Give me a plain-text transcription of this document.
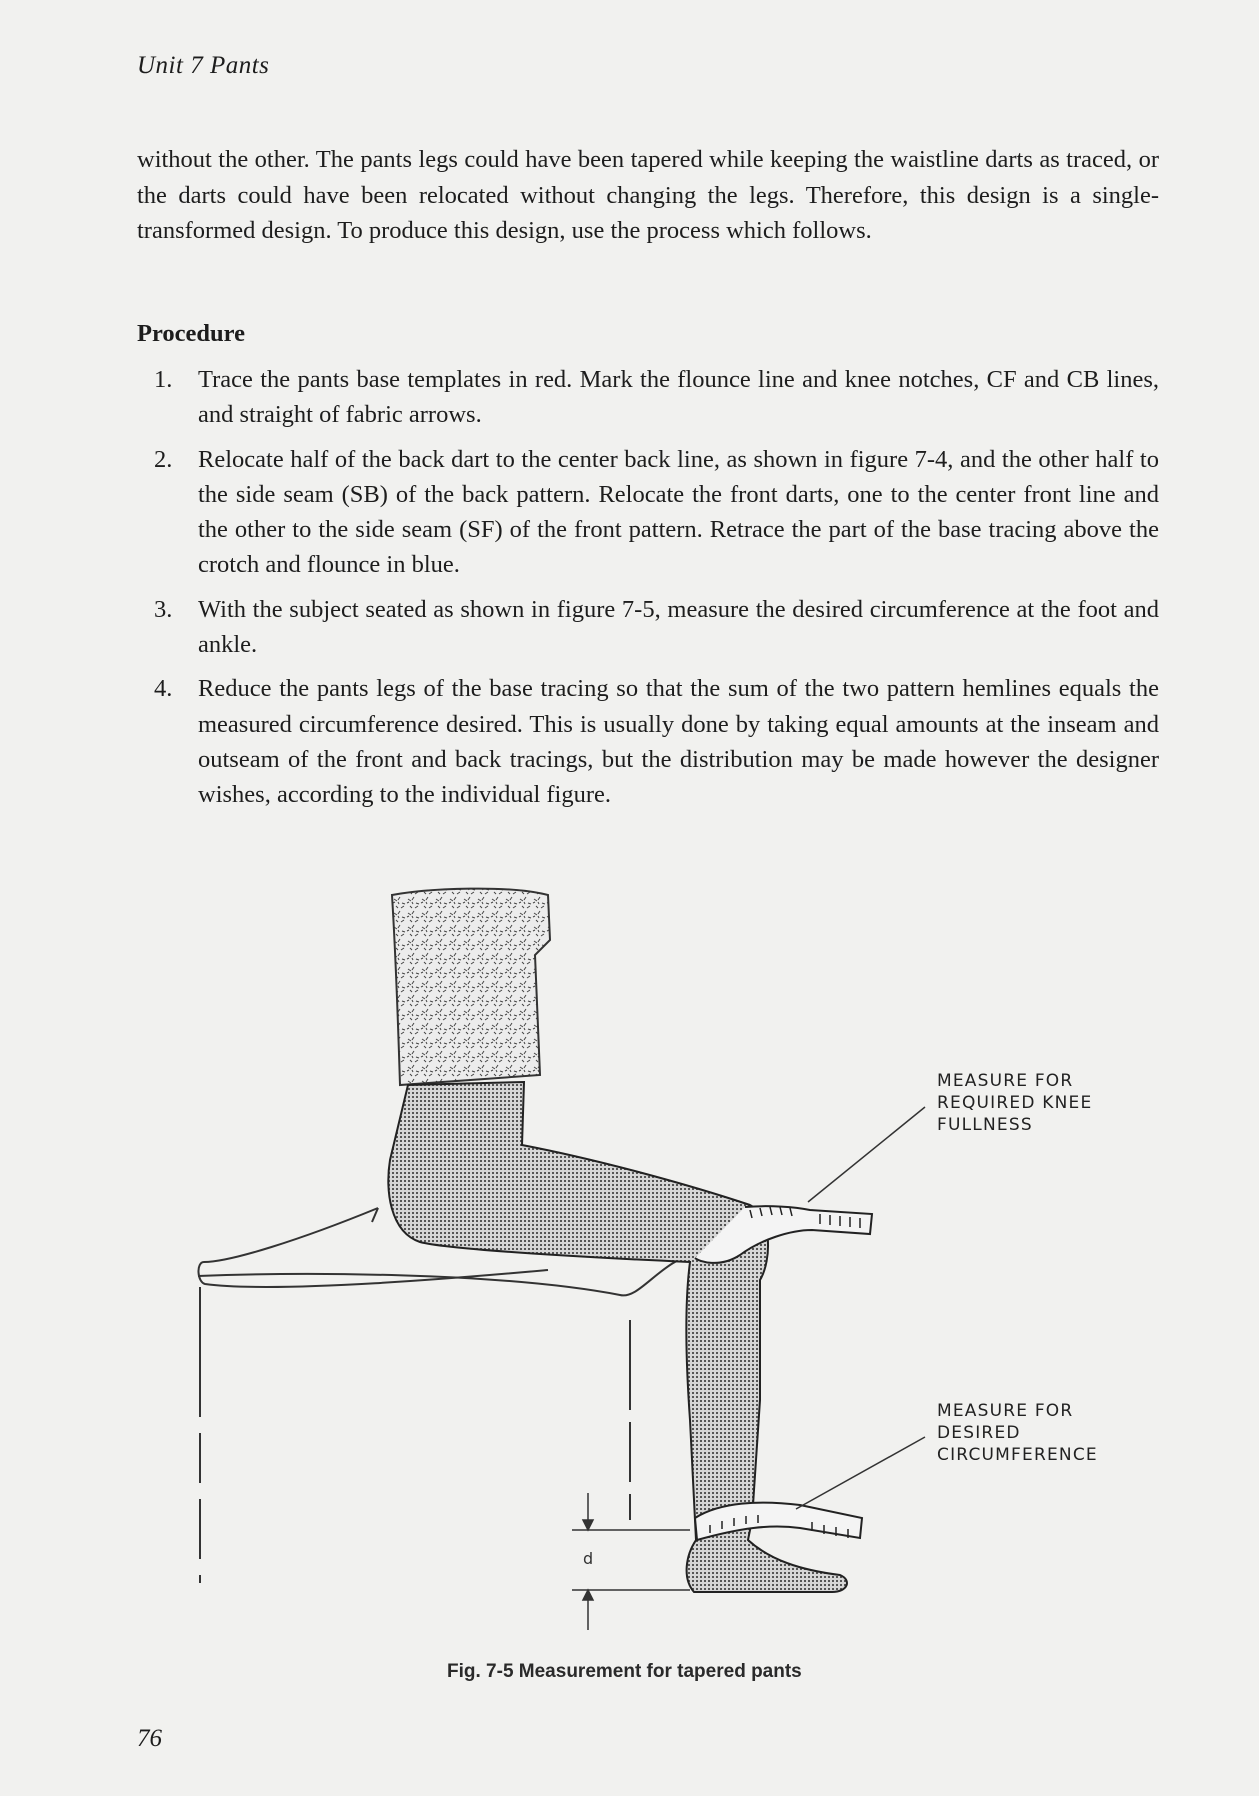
Unit 7 Pants

without the other. The pants legs could have been tapered while keeping the waistline darts as traced, or the darts could have been relocated without changing the legs. Therefore, this design is a single-transformed design. To produce this design, use the process which follows.

Procedure
1. Trace the pants base templates in red. Mark the flounce line and knee notches, CF and CB lines, and straight of fabric arrows.
2. Relocate half of the back dart to the center back line, as shown in figure 7-4, and the other half to the side seam (SB) of the back pattern. Relocate the front darts, one to the center front line and the other to the side seam (SF) of the front pattern. Retrace the part of the base tracing above the crotch and flounce in blue.
3. With the subject seated as shown in figure 7-5, measure the desired circumference at the foot and ankle.
4. Reduce the pants legs of the base tracing so that the sum of the two pattern hemlines equals the measured circumference desired. This is usually done by taking equal amounts at the inseam and outseam of the front and back tracings, but the distribution may be made however the designer wishes, according to the individual figure.
MEASURE FOR
REQUIRED KNEE
FULLNESS
MEASURE FOR
DESIRED
CIRCUMFERENCE
d
Fig. 7-5 Measurement for tapered pants
76
